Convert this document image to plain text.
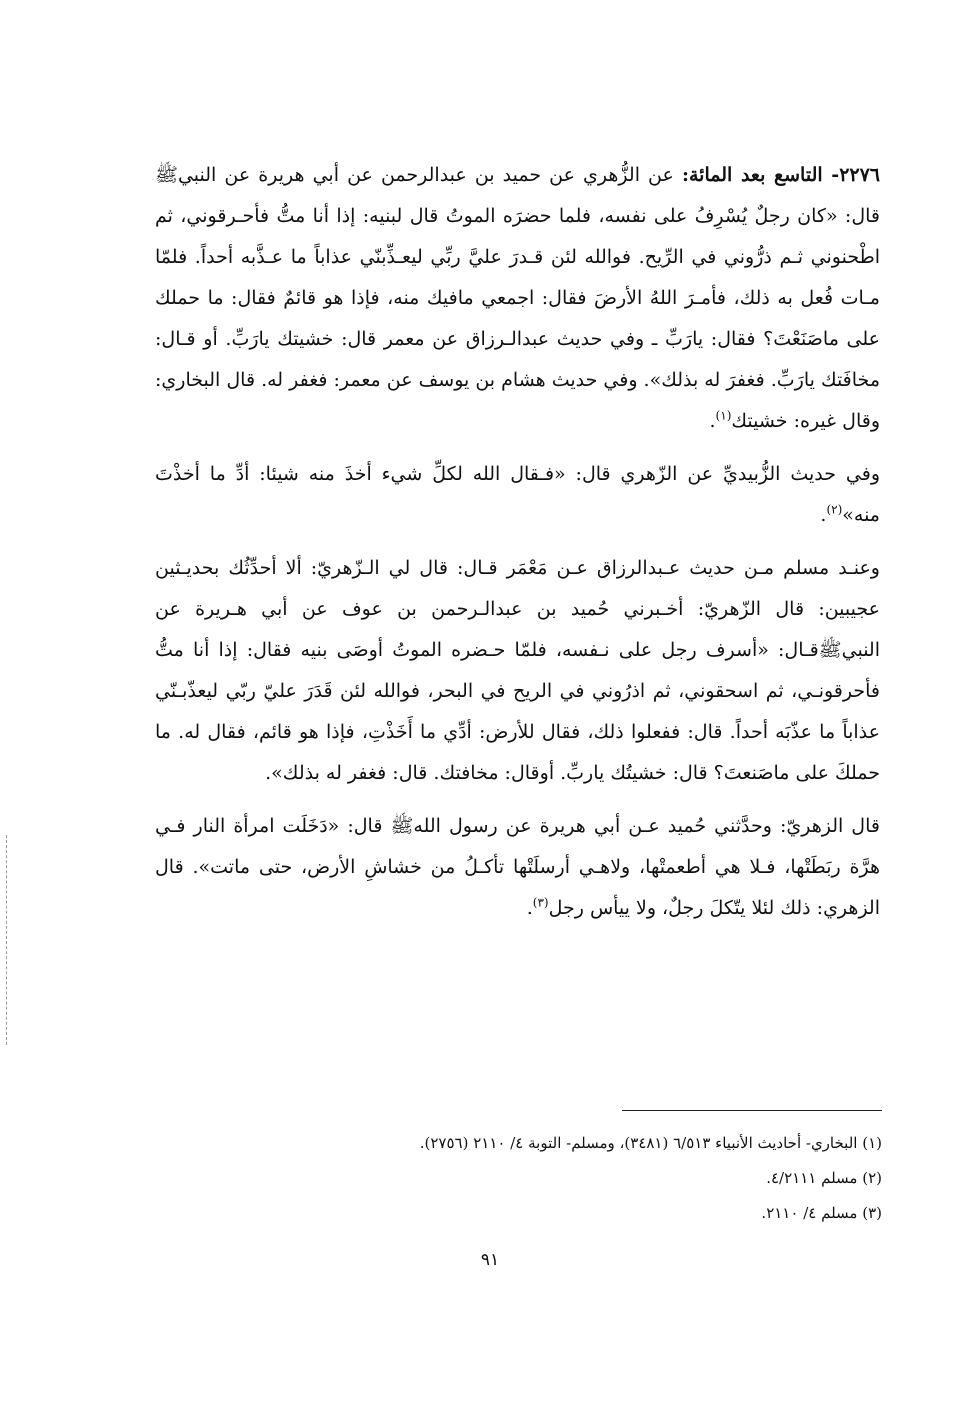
٢٢٧٦- التاسع بعد المائة: عن الزُّهري عن حميد بن عبدالرحمن عن أبي هريرة عن النبيﷺ قال: «كان رجلٌ يُسْرِفُ على نفسه، فلما حضرَه الموتُ قال لبنيه: إذا أنا متُّ فأحـرقوني، ثم اطْحنوني ثـم ذرُّوني في الرِّيح. فوالله لئن قـدرَ عليَّ ربِّي ليعـذِّبنّي عذاباً ما عـذَّبه أحداً. فلمّا مـات فُعل به ذلك، فأمـرَ اللهُ الأرضَ فقال: اجمعي مافيك منه، فإذا هو قائمٌ فقال: ما حملك على ماصَنَعْتَ؟ فقال: يارَبِّ ـ وفي حديث عبدالـرزاق عن معمر قال: خشيتك يارَبِّ. أو قـال: مخافَتك يارَبِّ. فغفرَ له بذلك». وفي حديث هشام بن يوسف عن معمر: فغفر له. قال البخاري: وقال غيره: خشيتك$^{(١)}$.

وفي حديث الزُّبيديِّ عن الزّهري قال: «فـقال الله لكلِّ شيء أخذَ منه شيئا: أدِّ ما أخذْتَ منه»$^{(٢)}$.

وعنـد مسلم مـن حديث عـبدالرزاق عـن مَعْمَر قـال: قال لي الـزّهريّ: ألا أحدِّثُك بحديـثين عجيبين: قال الزّهريّ: أخـبرني حُميد بن عبدالـرحمن بن عوف عن أبي هـريرة عن النبيﷺقـال: «أسرف رجل على نـفسه، فلمّا حـضره الموتُ أوصَى بنيه فقال: إذا أنا متُّ فأحرقونـي، ثم اسحقوني، ثم اذرُوني في الريح في البحر، فوالله لئن قَدَرَ عليّ ربّي ليعذّبـنّي عذاباً ما عذّبَه أحداً. قال: ففعلوا ذلك، فقال للأرض: أدِّي ما أَخَذْتِ، فإذا هو قائم، فقال له. ما حملكَ على ماصَنعتَ؟ قال: خشيتُك ياربِّ. أوقال: مخافتك. قال: فغفر له بذلك».

قال الزهريّ: وحدَّثني حُميد عـن أبي هريرة عن رسول اللهﷺ قال: «دَخَلَت امرأة النار فـي هرَّة ربَطَتْها، فـلا هي أطعمتْها، ولاهـي أرسلَتْها تأكـلُ من خشاشِ الأرض، حتى ماتت». قال الزهري: ذلك لئلا يتّكلَ رجلٌ، ولا ييأس رجل$^{(٣)}$.

(١) البخاري- أحاديث الأنبياء ٦/٥١٣ (٣٤٨١)، ومسلم- التوبة ٤/ ٢١١٠ (٢٧٥٦).

(٢) مسلم ٤/٢١١١.

(٣) مسلم ٤/ ٢١١٠.

٩١
